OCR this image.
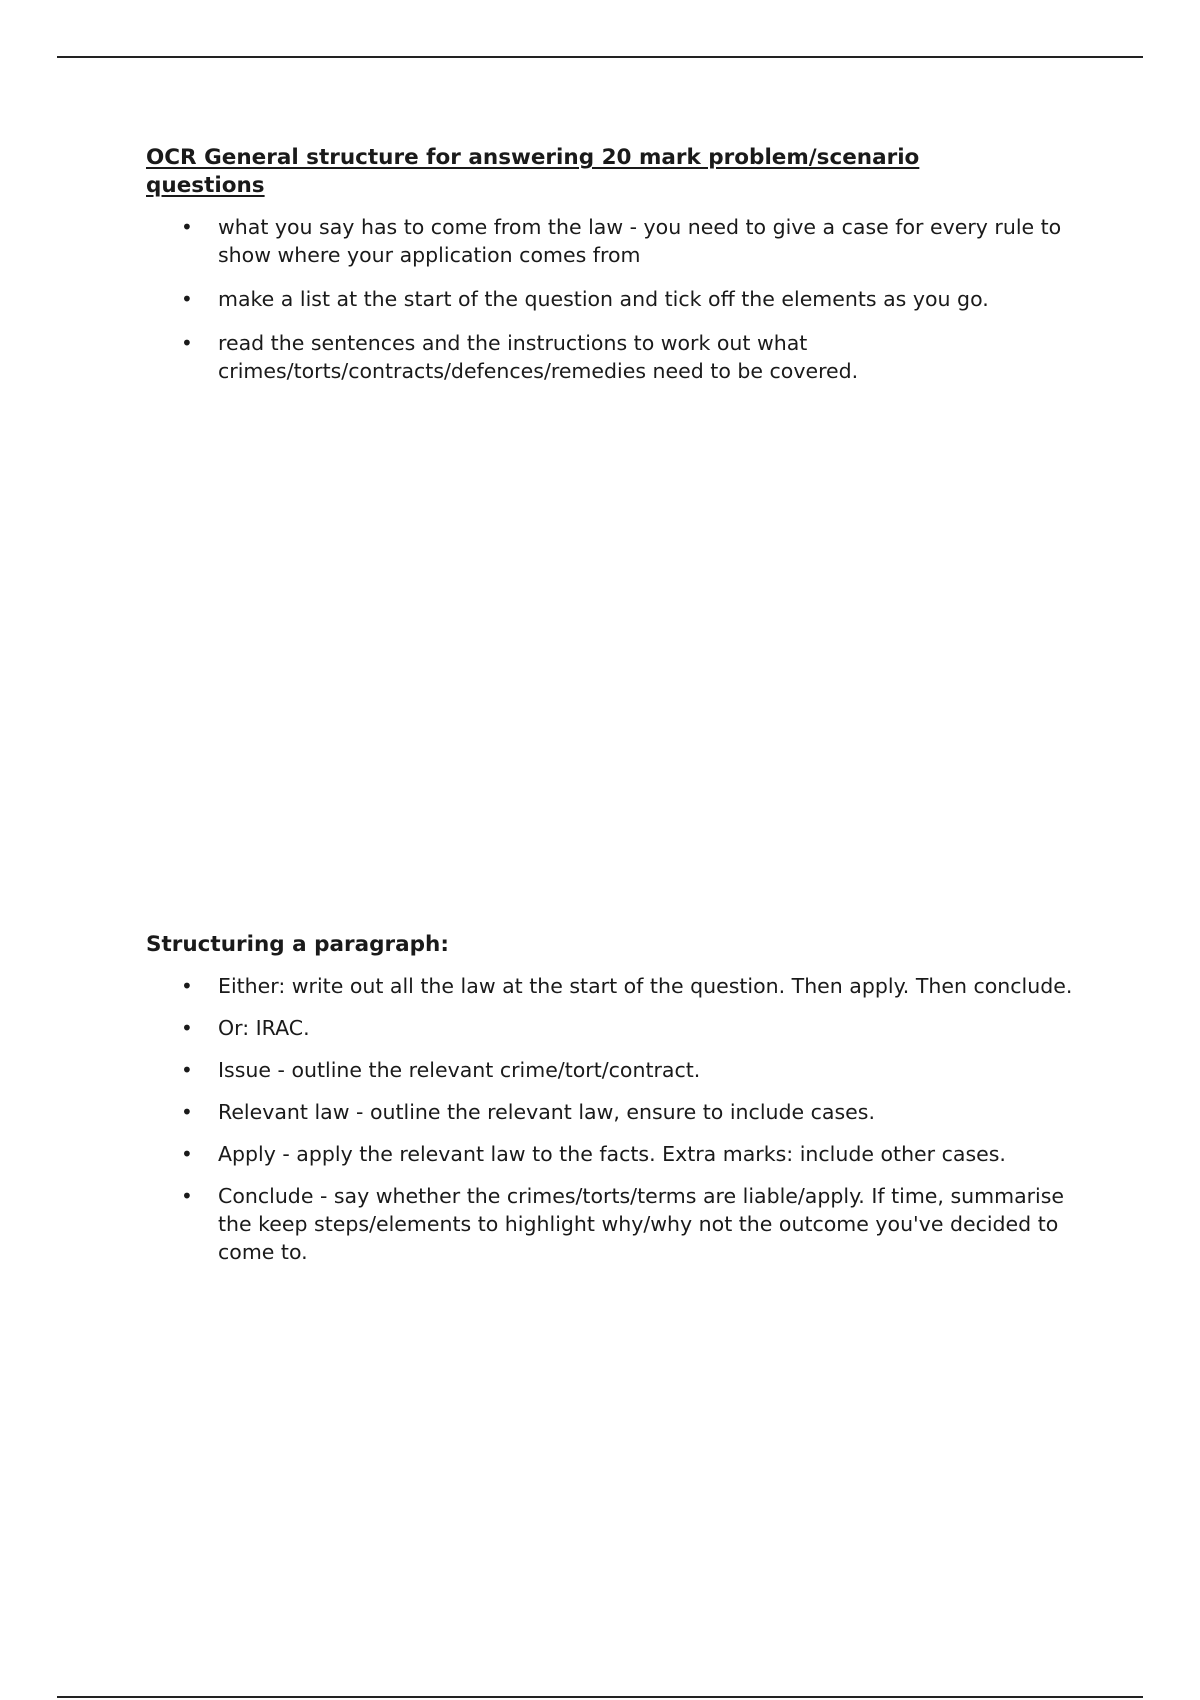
OCR General structure for answering 20 mark problem/scenario questions
• what you say has to come from the law - you need to give a case for every rule to show where your application comes from
• make a list at the start of the question and tick off the elements as you go.
• read the sentences and the instructions to work out what crimes/torts/contracts/defences/remedies need to be covered.
Structuring a paragraph:
• Either: write out all the law at the start of the question. Then apply. Then conclude.
• Or: IRAC.
• Issue - outline the relevant crime/tort/contract.
• Relevant law - outline the relevant law, ensure to include cases.
• Apply - apply the relevant law to the facts. Extra marks: include other cases.
• Conclude - say whether the crimes/torts/terms are liable/apply. If time, summarise the keep steps/elements to highlight why/why not the outcome you've decided to come to.
